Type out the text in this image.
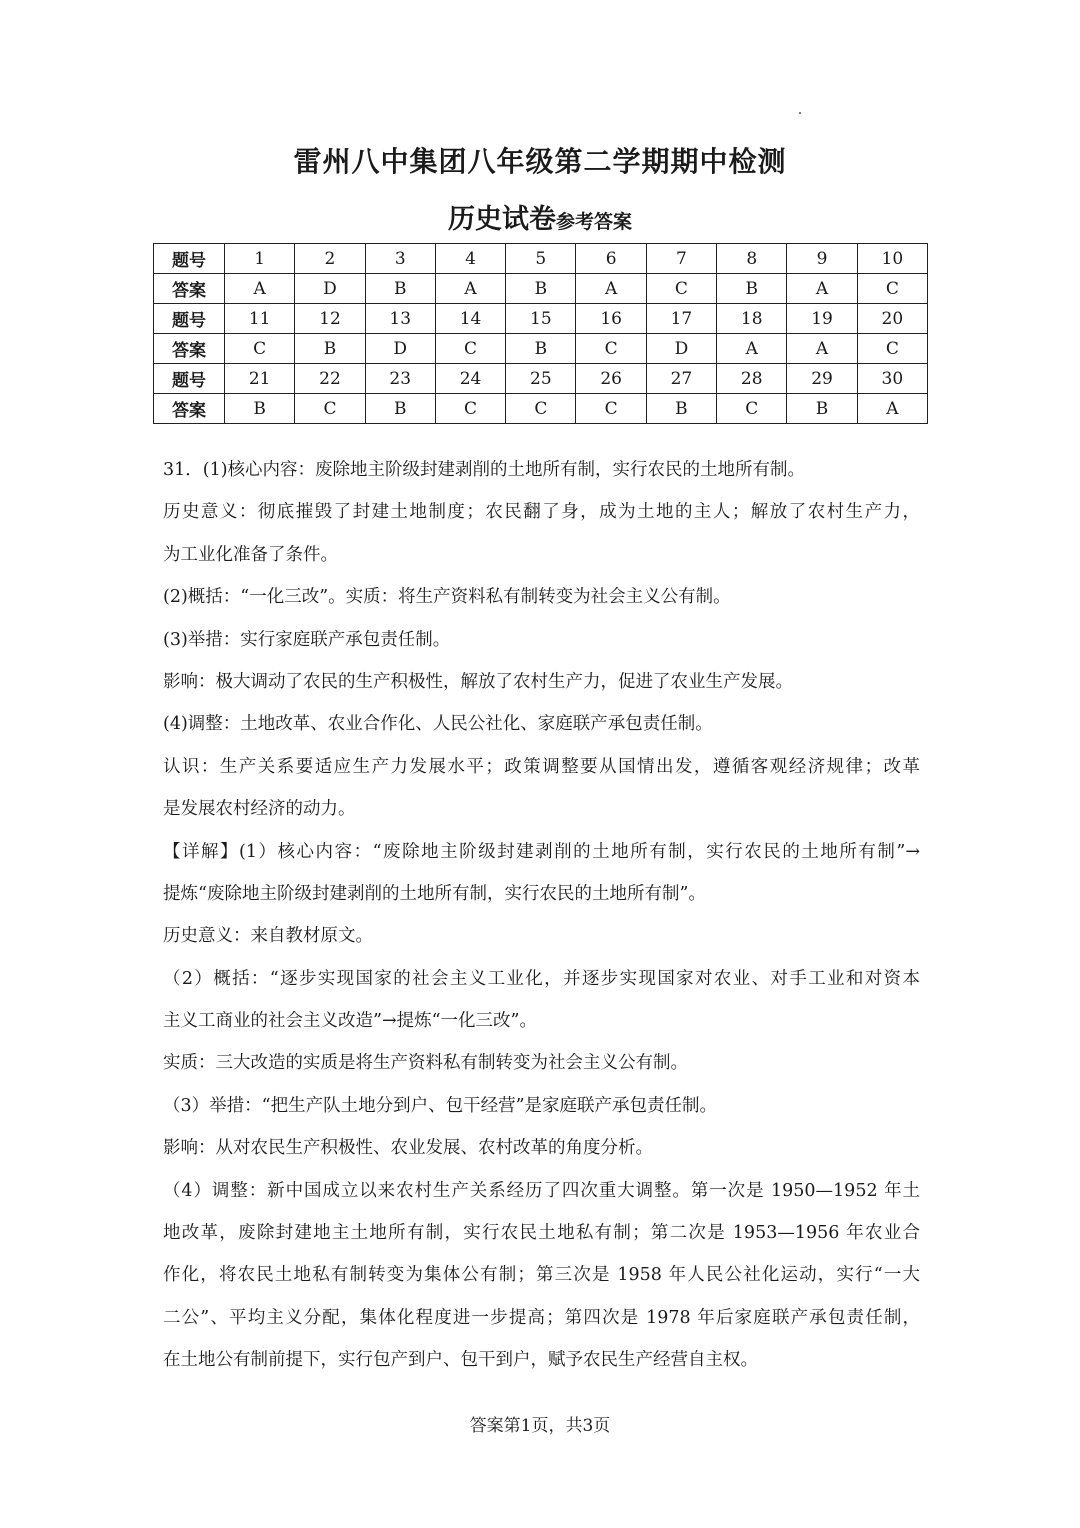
雷州八中集团八年级第二学期期中检测
历史试卷参考答案
题号	1	2	3	4	5	6	7	8	9	10
答案	A	D	B	A	B	A	C	B	A	C
题号	11	12	13	14	15	16	17	18	19	20
答案	C	B	D	C	B	C	D	A	A	C
题号	21	22	23	24	25	26	27	28	29	30
答案	B	C	B	C	C	C	B	C	B	A
31．(1)核心内容：废除地主阶级封建剥削的土地所有制，实行农民的土地所有制。
历史意义：彻底摧毁了封建土地制度；农民翻了身，成为土地的主人；解放了农村生产力，
为工业化准备了条件。
(2)概括：“一化三改”。实质：将生产资料私有制转变为社会主义公有制。
(3)举措：实行家庭联产承包责任制。
影响：极大调动了农民的生产积极性，解放了农村生产力，促进了农业生产发展。
(4)调整：土地改革、农业合作化、人民公社化、家庭联产承包责任制。
认识：生产关系要适应生产力发展水平；政策调整要从国情出发，遵循客观经济规律；改革
是发展农村经济的动力。
【详解】(1）核心内容：“废除地主阶级封建剥削的土地所有制，实行农民的土地所有制”→
提炼“废除地主阶级封建剥削的土地所有制，实行农民的土地所有制”。
历史意义：来自教材原文。
（2）概括：“逐步实现国家的社会主义工业化，并逐步实现国家对农业、对手工业和对资本
主义工商业的社会主义改造”→提炼“一化三改”。
实质：三大改造的实质是将生产资料私有制转变为社会主义公有制。
（3）举措：“把生产队土地分到户、包干经营”是家庭联产承包责任制。
影响：从对农民生产积极性、农业发展、农村改革的角度分析。
（4）调整：新中国成立以来农村生产关系经历了四次重大调整。第一次是 1950—1952 年土
地改革，废除封建地主土地所有制，实行农民土地私有制；第二次是 1953—1956 年农业合
作化，将农民土地私有制转变为集体公有制；第三次是 1958 年人民公社化运动，实行“一大
二公”、平均主义分配，集体化程度进一步提高；第四次是 1978 年后家庭联产承包责任制，
在土地公有制前提下，实行包产到户、包干到户，赋予农民生产经营自主权。
答案第1页，共3页
